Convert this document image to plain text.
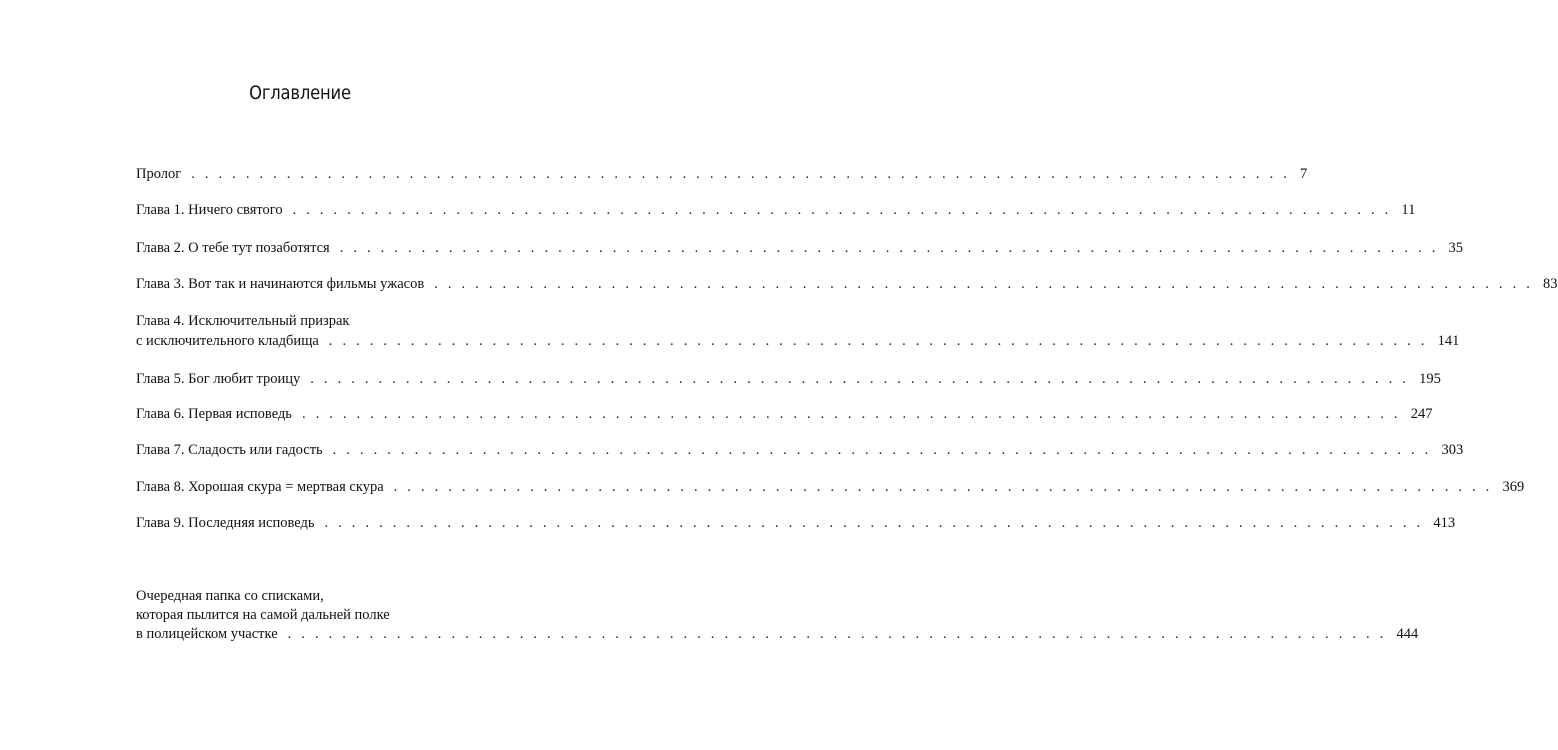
Оглавление
Пролог . . . . . . . . . . . . . . . . . . . . . . . . . . . . . . . . . . . . . . . . . . . . . . . . . . . . . . . . . . . . . . . . . . . . . . . . . . . . . . . . . 7
Глава 1. Ничего святого . . . . . . . . . . . . . . . . . . . . . . . . . . . . . . . . . . . . . . . . . . . . . . . . . . . . . . . . . . . . . . . . . . . . . . . . . . . . . . . . . 11
Глава 2. О тебе тут позаботятся . . . . . . . . . . . . . . . . . . . . . . . . . . . . . . . . . . . . . . . . . . . . . . . . . . . . . . . . . . . . . . . . . . . . . . . . . . . . . . . . . 35
Глава 3. Вот так и начинаются фильмы ужасов . . . . . . . . . . . . . . . . . . . . . . . . . . . . . . . . . . . . . . . . . . . . . . . . . . . . . . . . . . . . . . . . . . . . . . . . . . . . . . . . . 83
Глава 4. Исключительный призрак
с исключительного кладбища . . . . . . . . . . . . . . . . . . . . . . . . . . . . . . . . . . . . . . . . . . . . . . . . . . . . . . . . . . . . . . . . . . . . . . . . . . . . . . . . . 141
Глава 5. Бог любит троицу . . . . . . . . . . . . . . . . . . . . . . . . . . . . . . . . . . . . . . . . . . . . . . . . . . . . . . . . . . . . . . . . . . . . . . . . . . . . . . . . . 195
Глава 6. Первая исповедь . . . . . . . . . . . . . . . . . . . . . . . . . . . . . . . . . . . . . . . . . . . . . . . . . . . . . . . . . . . . . . . . . . . . . . . . . . . . . . . . . 247
Глава 7. Сладость или гадость . . . . . . . . . . . . . . . . . . . . . . . . . . . . . . . . . . . . . . . . . . . . . . . . . . . . . . . . . . . . . . . . . . . . . . . . . . . . . . . . . 303
Глава 8. Хорошая скура = мертвая скура . . . . . . . . . . . . . . . . . . . . . . . . . . . . . . . . . . . . . . . . . . . . . . . . . . . . . . . . . . . . . . . . . . . . . . . . . . . . . . . . . 369
Глава 9. Последняя исповедь . . . . . . . . . . . . . . . . . . . . . . . . . . . . . . . . . . . . . . . . . . . . . . . . . . . . . . . . . . . . . . . . . . . . . . . . . . . . . . . . . 413
Очередная папка со списками,
которая пылится на самой дальней полке
в полицейском участке . . . . . . . . . . . . . . . . . . . . . . . . . . . . . . . . . . . . . . . . . . . . . . . . . . . . . . . . . . . . . . . . . . . . . . . . . . . . . . . . . 444
